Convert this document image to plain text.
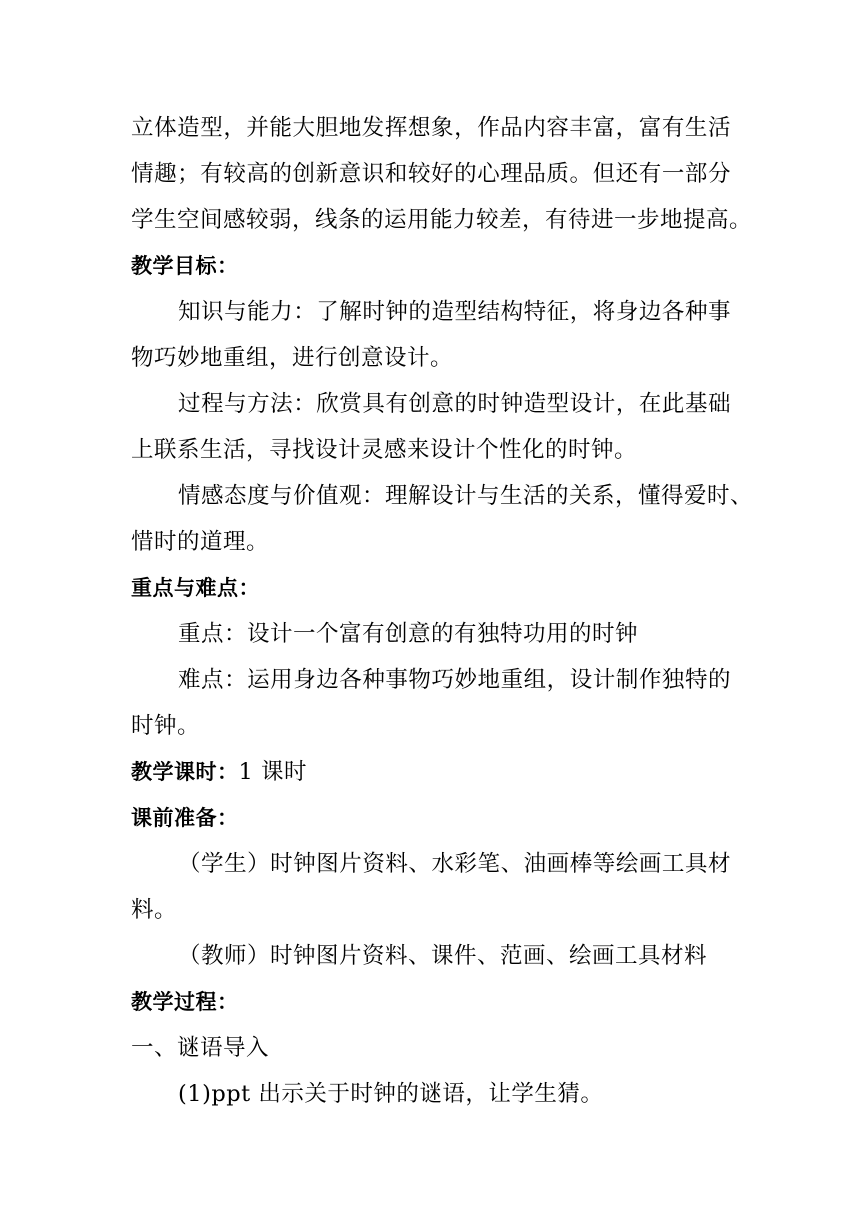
立体造型，并能大胆地发挥想象，作品内容丰富，富有生活
情趣；有较高的创新意识和较好的心理品质。但还有一部分
学生空间感较弱，线条的运用能力较差，有待进一步地提高。
教学目标：
知识与能力：了解时钟的造型结构特征，将身边各种事
物巧妙地重组，进行创意设计。
过程与方法：欣赏具有创意的时钟造型设计，在此基础
上联系生活，寻找设计灵感来设计个性化的时钟。
情感态度与价值观：理解设计与生活的关系，懂得爱时、
惜时的道理。
重点与难点：
重点：设计一个富有创意的有独特功用的时钟
难点：运用身边各种事物巧妙地重组，设计制作独特的
时钟。
教学课时：1 课时
课前准备：
（学生）时钟图片资料、水彩笔、油画棒等绘画工具材
料。
（教师）时钟图片资料、课件、范画、绘画工具材料
教学过程：
一、谜语导入
(1)ppt 出示关于时钟的谜语，让学生猜。
